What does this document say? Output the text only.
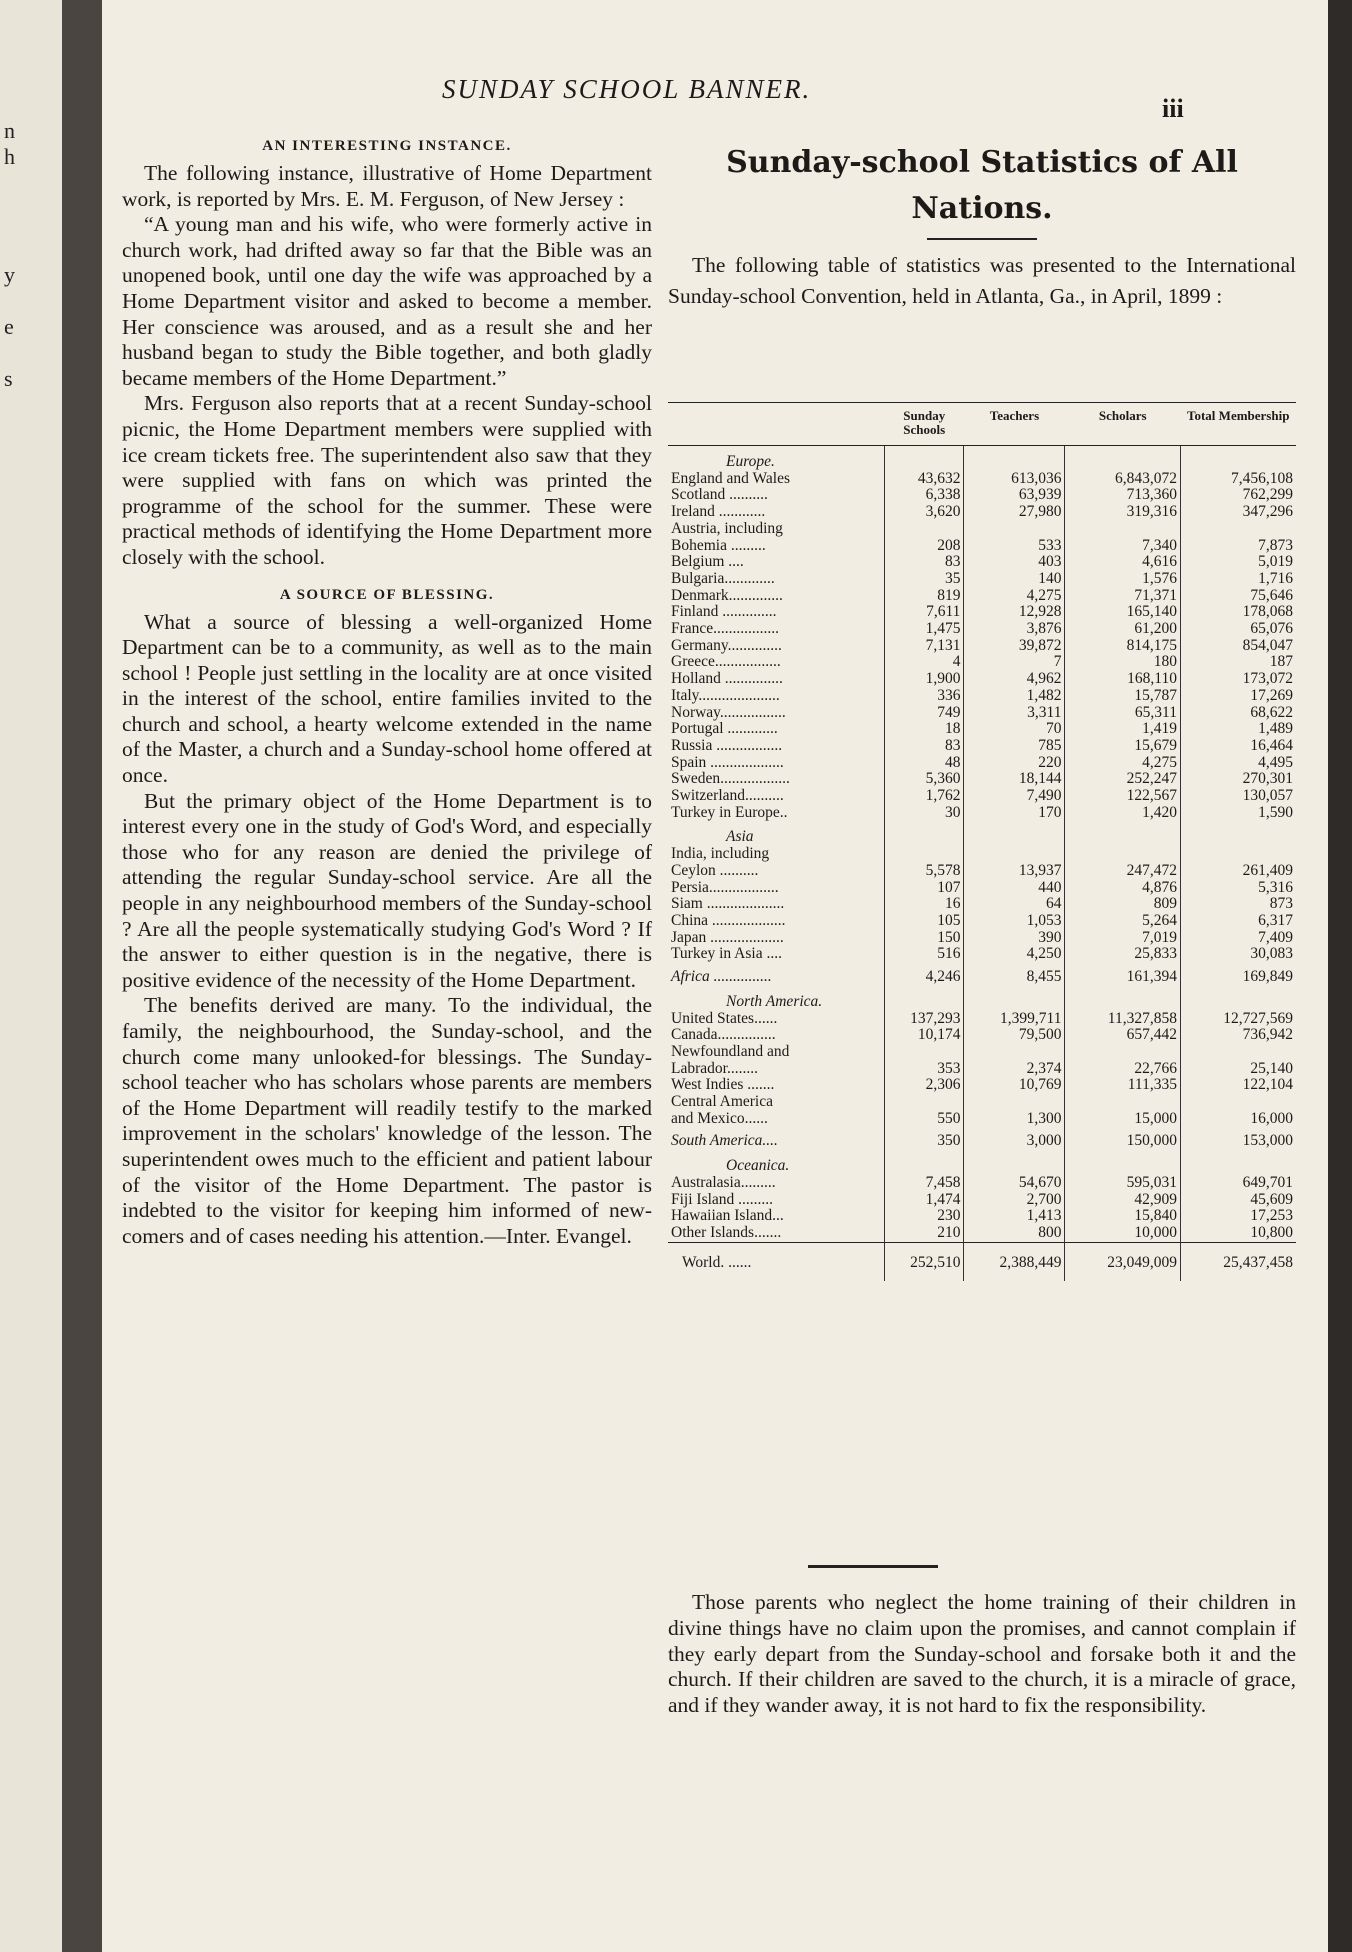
n
h
y
e
s
SUNDAY SCHOOL BANNER.
iii
AN INTERESTING INSTANCE.

The following instance, illustrative of Home Department work, is reported by Mrs. E. M. Ferguson, of New Jersey :

“A young man and his wife, who were formerly active in church work, had drifted away so far that the Bible was an unopened book, until one day the wife was approached by a Home Department visitor and asked to become a member. Her conscience was aroused, and as a result she and her husband began to study the Bible together, and both gladly became members of the Home Department.”

Mrs. Ferguson also reports that at a recent Sunday-school picnic, the Home Department members were supplied with ice cream tickets free. The superintendent also saw that they were supplied with fans on which was printed the programme of the school for the summer. These were practical methods of identifying the Home Department more closely with the school.

A SOURCE OF BLESSING.

What a source of blessing a well-organized Home Department can be to a community, as well as to the main school ! People just settling in the locality are at once visited in the interest of the school, entire families invited to the church and school, a hearty welcome extended in the name of the Master, a church and a Sunday-school home offered at once.

But the primary object of the Home Department is to interest every one in the study of God's Word, and especially those who for any reason are denied the privilege of attending the regular Sunday-school service. Are all the people in any neighbourhood members of the Sunday-school ? Are all the people systematically studying God's Word ? If the answer to either question is in the negative, there is positive evidence of the necessity of the Home Department.

The benefits derived are many. To the individual, the family, the neighbourhood, the Sunday-school, and the church come many unlooked-for blessings. The Sunday-school teacher who has scholars whose parents are members of the Home Department will readily testify to the marked improvement in the scholars' knowledge of the lesson. The superintendent owes much to the efficient and patient labour of the visitor of the Home Department. The pastor is indebted to the visitor for keeping him informed of new-comers and of cases needing his attention.—Inter. Evangel.

Sunday-school Statistics of All
Nations.

The following table of statistics was presented to the International Sunday-school Convention, held in Atlanta, Ga., in April, 1899 :

	Sunday Schools	Teachers	Scholars	Total Membership
Europe.				
England and Wales	43,632	613,036	6,843,072	7,456,108
Scotland ..........	6,338	63,939	713,360	762,299
Ireland ............	3,620	27,980	319,316	347,296
Austria, including				
Bohemia .........	208	533	7,340	7,873
Belgium ....	83	403	4,616	5,019
Bulgaria.............	35	140	1,576	1,716
Denmark..............	819	4,275	71,371	75,646
Finland ..............	7,611	12,928	165,140	178,068
France.................	1,475	3,876	61,200	65,076
Germany..............	7,131	39,872	814,175	854,047
Greece.................	4	7	180	187
Holland ...............	1,900	4,962	168,110	173,072
Italy.....................	336	1,482	15,787	17,269
Norway.................	749	3,311	65,311	68,622
Portugal .............	18	70	1,419	1,489
Russia .................	83	785	15,679	16,464
Spain ...................	48	220	4,275	4,495
Sweden..................	5,360	18,144	252,247	270,301
Switzerland..........	1,762	7,490	122,567	130,057
Turkey in Europe..	30	170	1,420	1,590
Asia				
India, including				
Ceylon ..........	5,578	13,937	247,472	261,409
Persia..................	107	440	4,876	5,316
Siam ....................	16	64	809	873
China ...................	105	1,053	5,264	6,317
Japan ...................	150	390	7,019	7,409
Turkey in Asia ....	516	4,250	25,833	30,083

Africa ...............	4,246	8,455	161,394	169,849
North America.				
United States......	137,293	1,399,711	11,327,858	12,727,569
Canada...............	10,174	79,500	657,442	736,942
Newfoundland and				
Labrador........	353	2,374	22,766	25,140
West Indies .......	2,306	10,769	111,335	122,104
Central America				
and Mexico......	550	1,300	15,000	16,000

South America....	350	3,000	150,000	153,000
Oceanica.				
Australasia.........	7,458	54,670	595,031	649,701
Fiji Island .........	1,474	2,700	42,909	45,609
Hawaiian Island...	230	1,413	15,840	17,253
Other Islands.......	210	800	10,000	10,800
World. ......	252,510	2,388,449	23,049,009	25,437,458

Those parents who neglect the home training of their children in divine things have no claim upon the promises, and cannot complain if they early depart from the Sunday-school and forsake both it and the church. If their children are saved to the church, it is a miracle of grace, and if they wander away, it is not hard to fix the responsibility.
